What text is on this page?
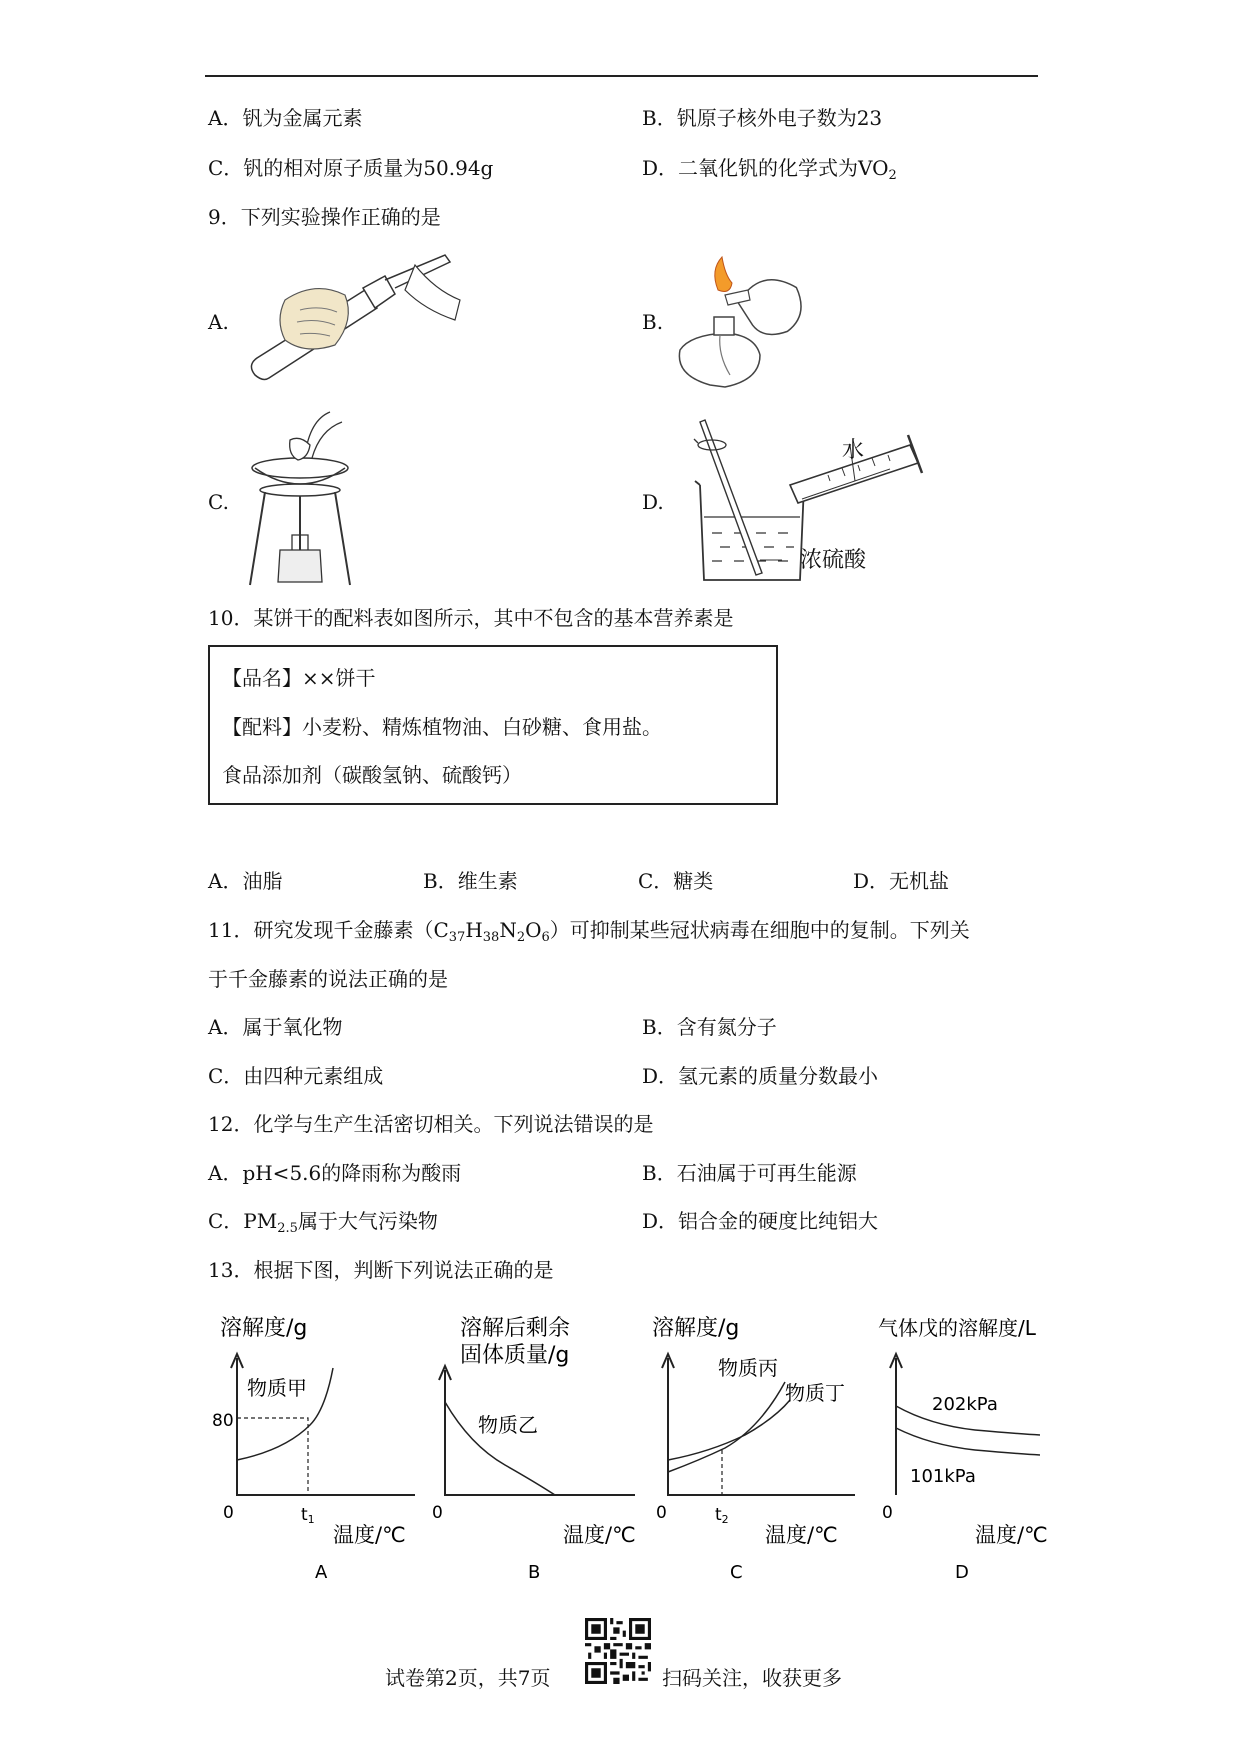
A．钒为金属元素	B．钒原子核外电子数为23
C．钒的相对原子质量为50.94g	D．二氧化钒的化学式为$VO_2$
9．下列实验操作正确的是
A.	B.
C.	D.
水
浓硫酸
10．某饼干的配料表如图所示，其中不包含的基本营养素是
【品名】××饼干
【配料】小麦粉、精炼植物油、白砂糖、食用盐。
食品添加剂（碳酸氢钠、硫酸钙）
A．油脂	B．维生素	C．糖类	D．无机盐
11．研究发现千金藤素$(C_{37}H_{38}N_2O_6)$可抑制某些冠状病毒在细胞中的复制。下列关
于千金藤素的说法正确的是
A．属于氧化物	B．含有氮分子
C．由四种元素组成	D．氢元素的质量分数最小
12．化学与生产生活密切相关。下列说法错误的是
A．pH<5.6的降雨称为酸雨	B．石油属于可再生能源
C．$PM_{2.5}$属于大气污染物	D．铝合金的硬度比纯铝大
13．根据下图，判断下列说法正确的是
溶解度/g
物质甲
80
0	t1
温度/℃
A
溶解后剩余
固体质量/g
物质乙
0
温度/℃
B
溶解度/g
物质丙
物质丁
0	t2
温度/℃
C
气体戊的溶解度/L
202kPa
101kPa
0
温度/℃
D
试卷第2页，共7页	扫码关注，收获更多
